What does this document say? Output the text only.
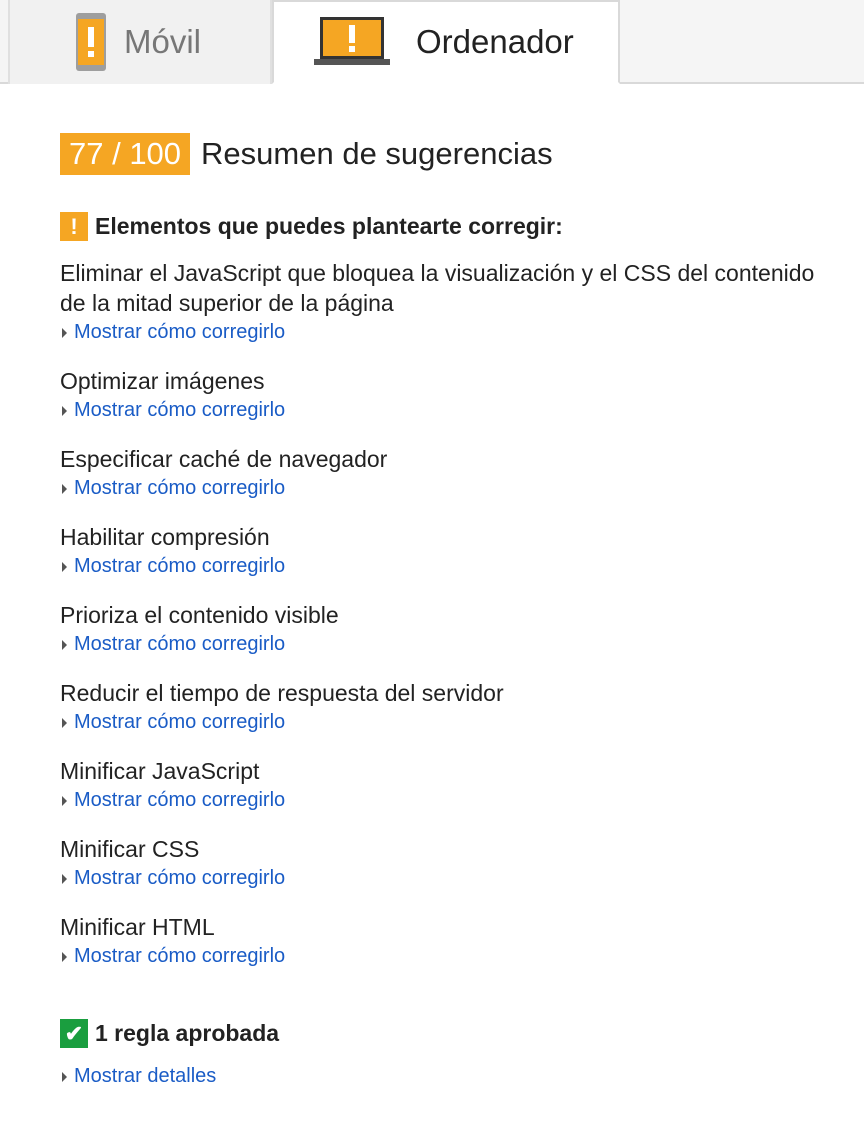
Móvil	Ordenador
77 / 100 Resumen de sugerencias
! Elementos que puedes plantearte corregir:
Eliminar el JavaScript que bloquea la visualización y el CSS del contenido de la mitad superior de la página
Mostrar cómo corregirlo
Optimizar imágenes
Mostrar cómo corregirlo
Especificar caché de navegador
Mostrar cómo corregirlo
Habilitar compresión
Mostrar cómo corregirlo
Prioriza el contenido visible
Mostrar cómo corregirlo
Reducir el tiempo de respuesta del servidor
Mostrar cómo corregirlo
Minificar JavaScript
Mostrar cómo corregirlo
Minificar CSS
Mostrar cómo corregirlo
Minificar HTML
Mostrar cómo corregirlo
✔ 1 regla aprobada
Mostrar detalles
